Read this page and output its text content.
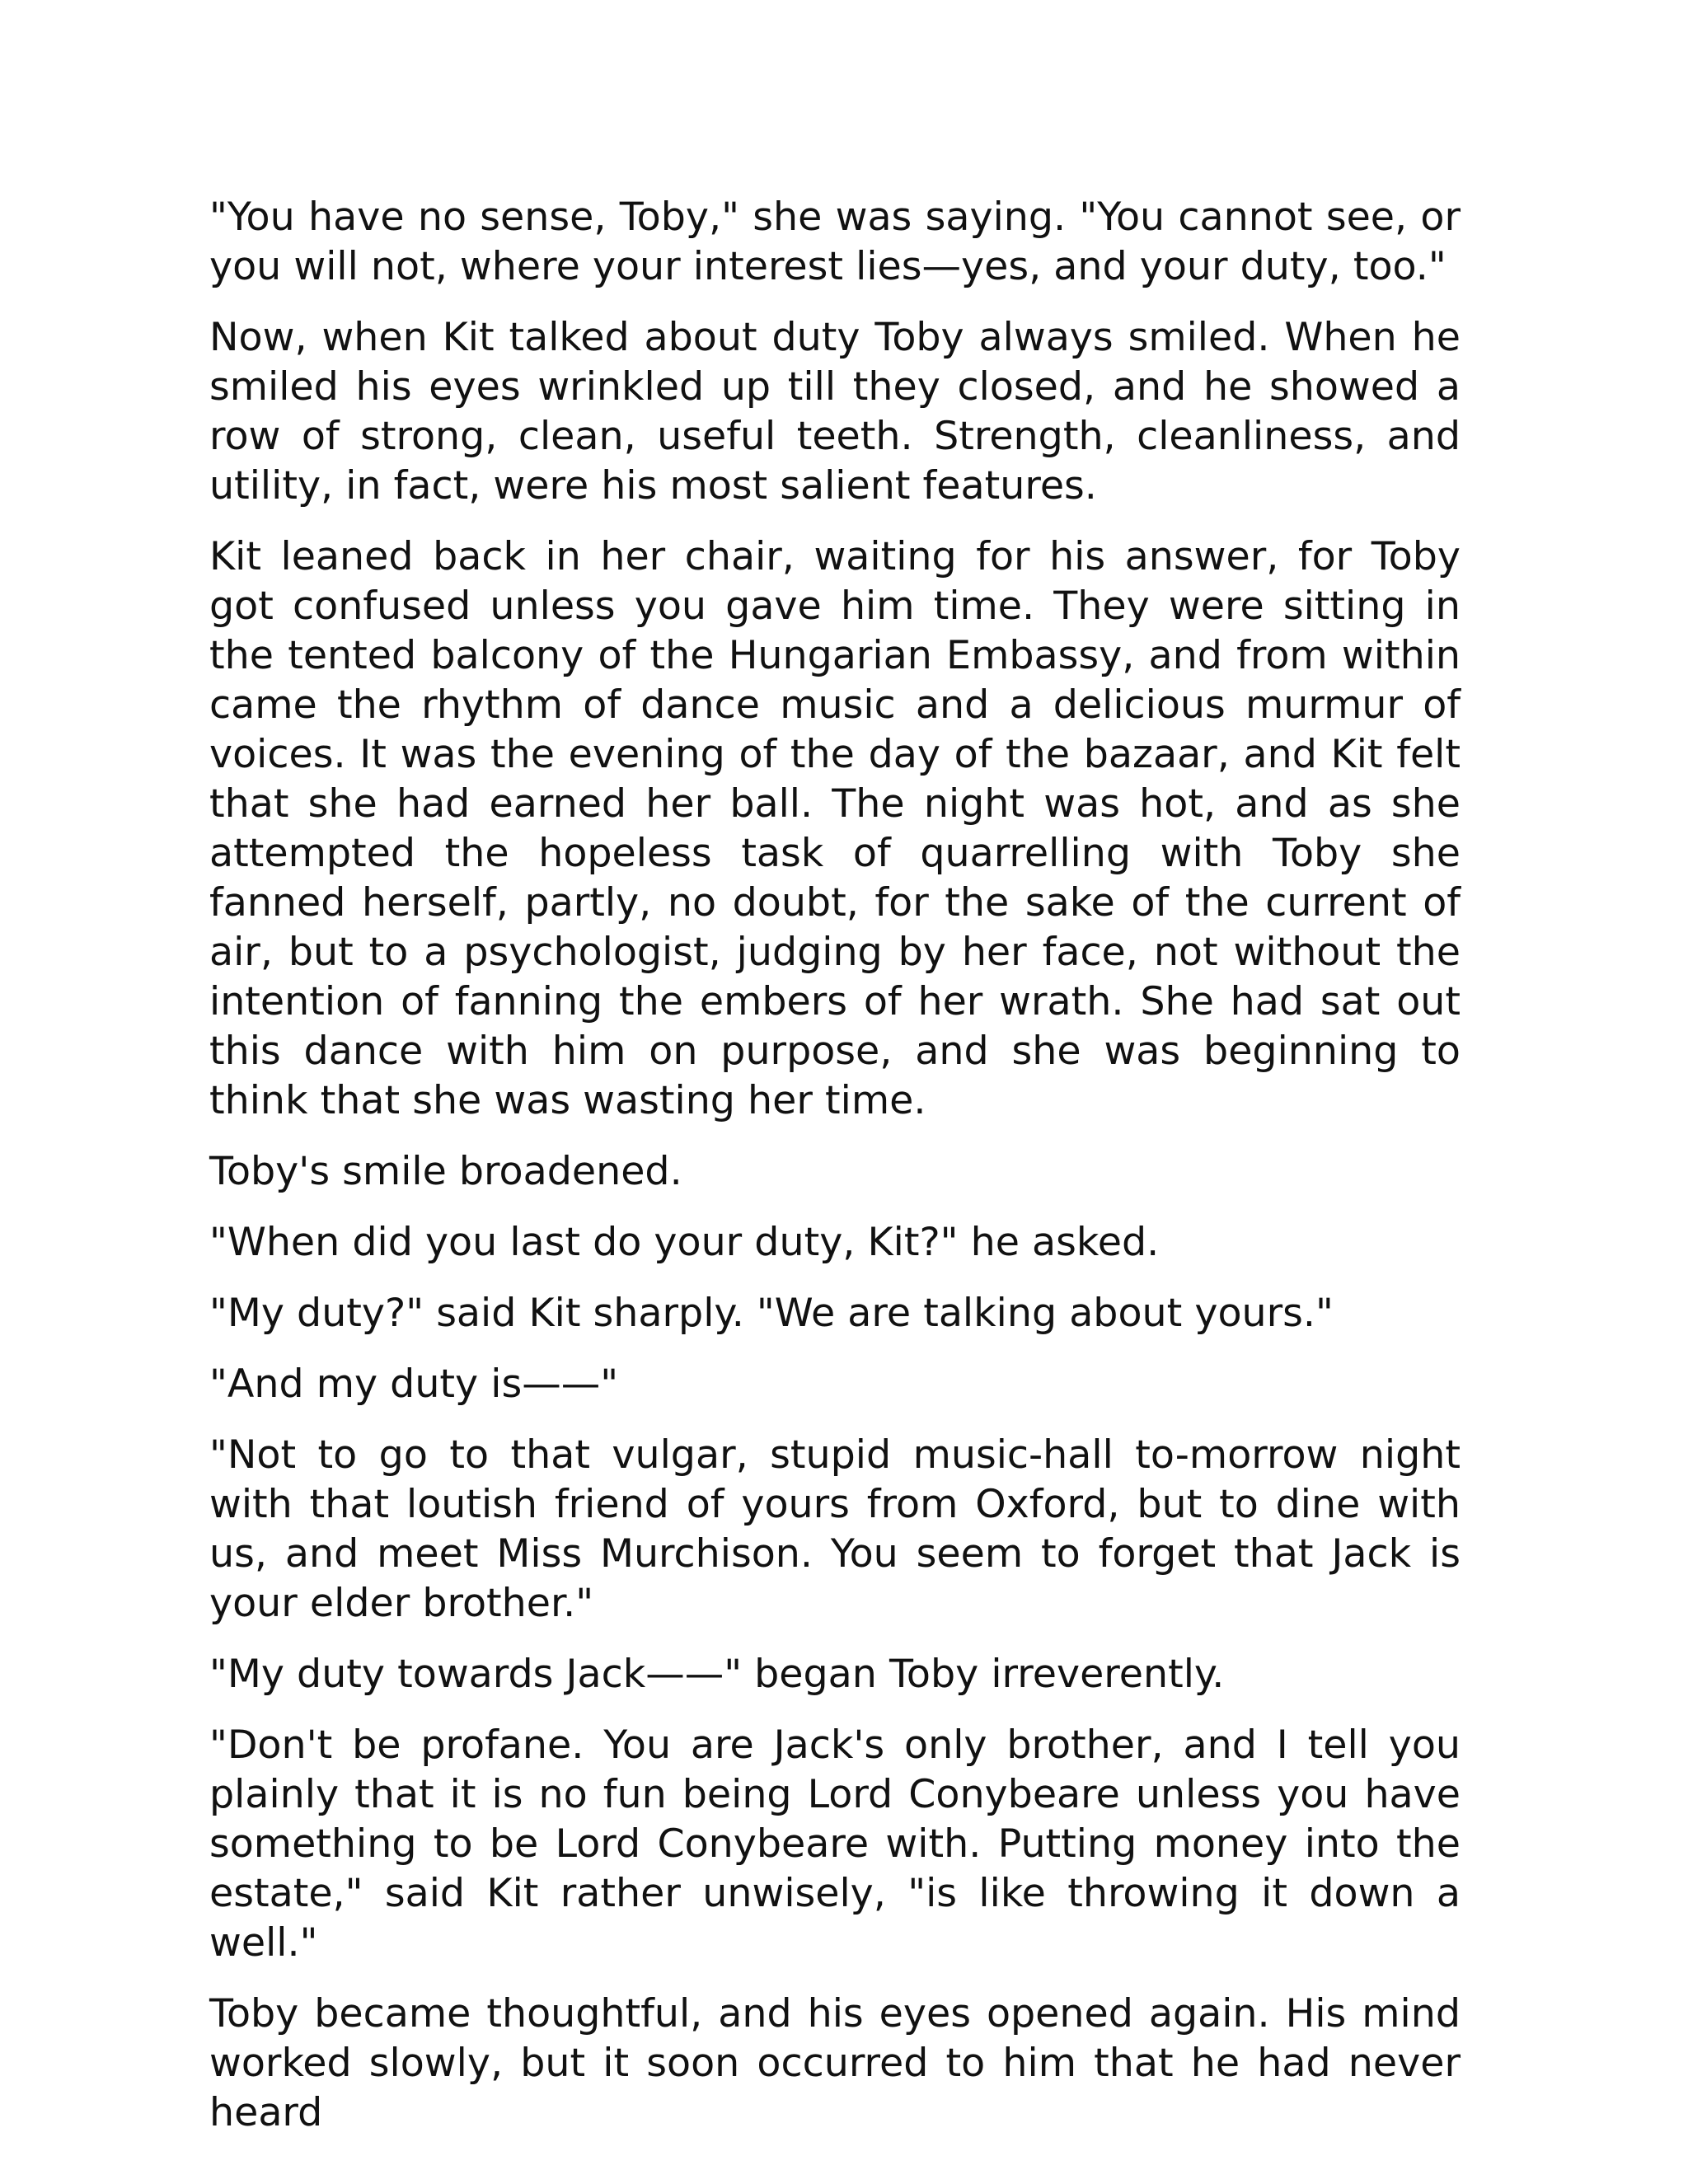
"You have no sense, Toby," she was saying. "You cannot see, or you will not, where your interest lies—yes, and your duty, too."

Now, when Kit talked about duty Toby always smiled. When he smiled his eyes wrinkled up till they closed, and he showed a row of strong, clean, useful teeth. Strength, cleanliness, and utility, in fact, were his most salient features.

Kit leaned back in her chair, waiting for his answer, for Toby got confused unless you gave him time. They were sitting in the tented balcony of the Hungarian Embassy, and from within came the rhythm of dance music and a delicious murmur of voices. It was the evening of the day of the bazaar, and Kit felt that she had earned her ball. The night was hot, and as she attempted the hopeless task of quarrelling with Toby she fanned herself, partly, no doubt, for the sake of the current of air, but to a psychologist, judging by her face, not without the intention of fanning the embers of her wrath. She had sat out this dance with him on purpose, and she was beginning to think that she was wasting her time.

Toby's smile broadened.

"When did you last do your duty, Kit?" he asked.

"My duty?" said Kit sharply. "We are talking about yours."

"And my duty is——"

"Not to go to that vulgar, stupid music-hall to-morrow night with that loutish friend of yours from Oxford, but to dine with us, and meet Miss Murchison. You seem to forget that Jack is your elder brother."

"My duty towards Jack——" began Toby irreverently.

"Don't be profane. You are Jack's only brother, and I tell you plainly that it is no fun being Lord Conybeare unless you have something to be Lord Conybeare with. Putting money into the estate," said Kit rather unwisely, "is like throwing it down a well."

Toby became thoughtful, and his eyes opened again. His mind worked slowly, but it soon occurred to him that he had never heard
